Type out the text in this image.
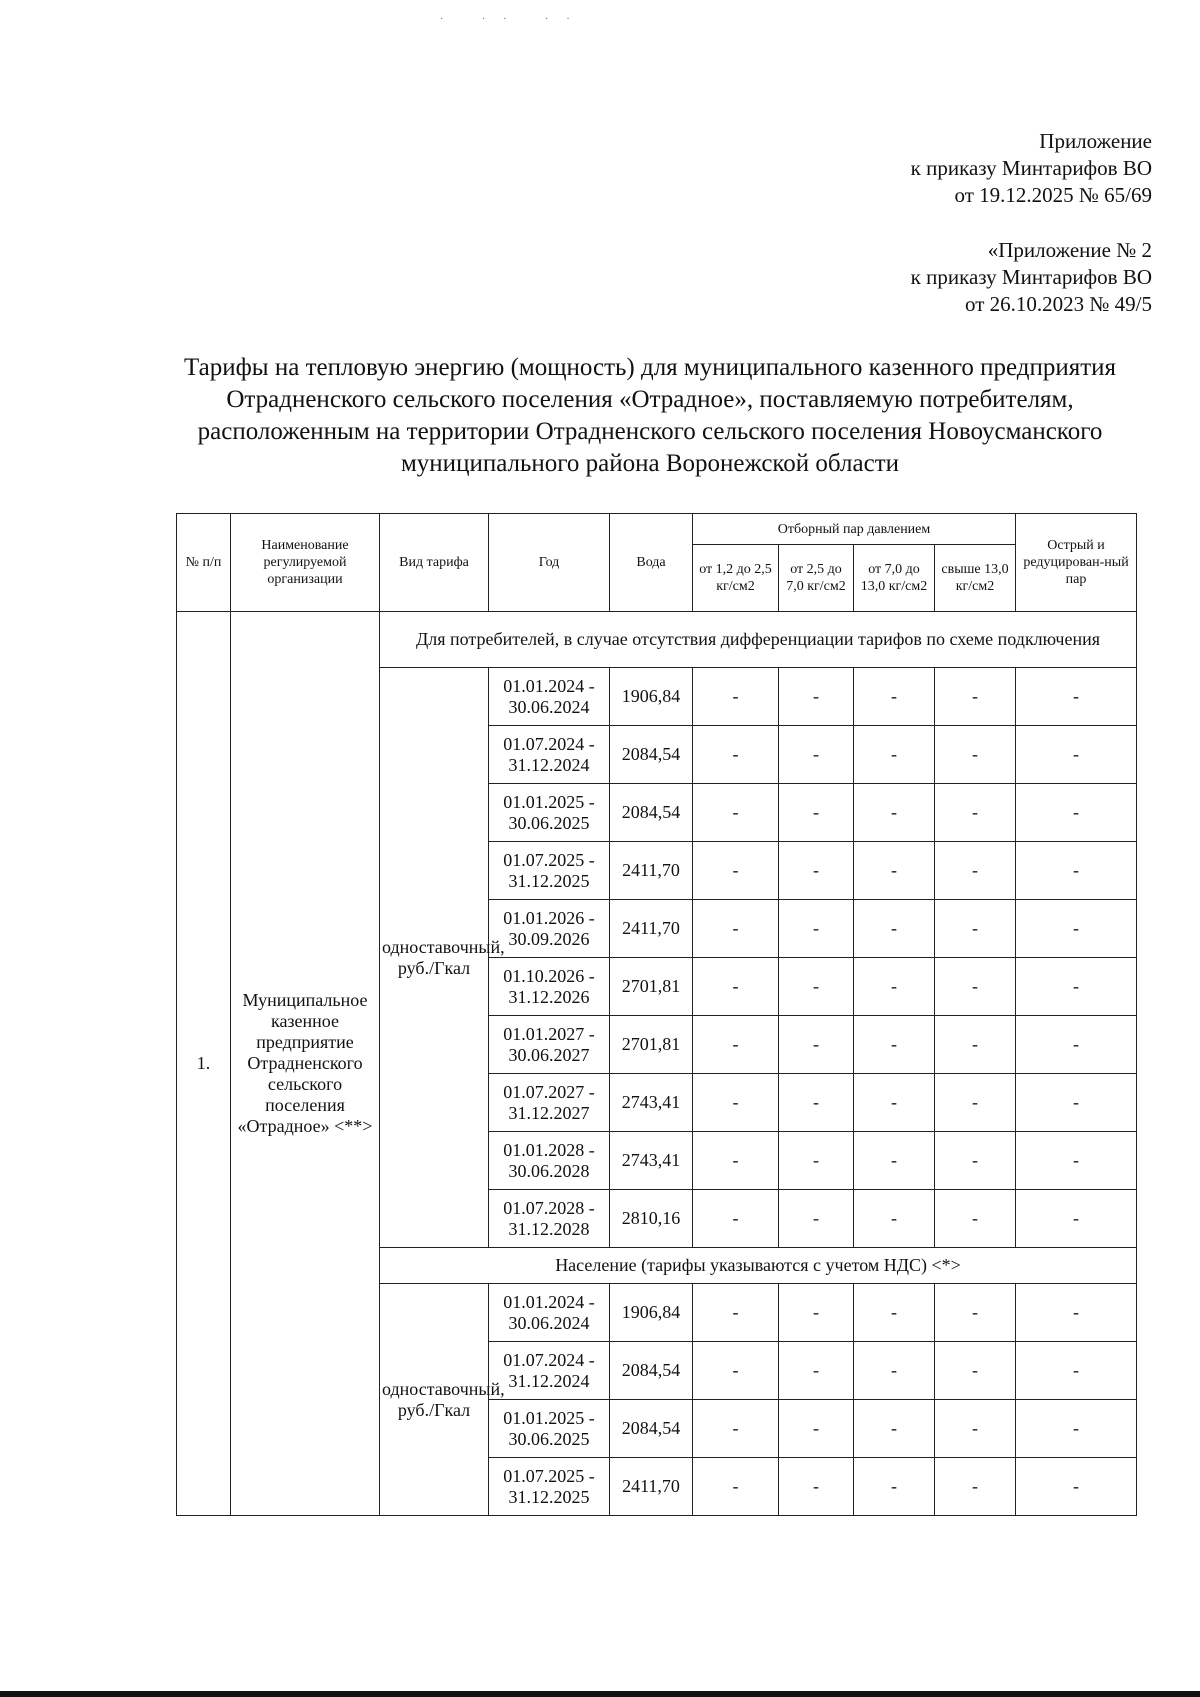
· ·· ··
Приложение
к приказу Минтарифов ВО
от 19.12.2025 № 65/69
«Приложение № 2
к приказу Минтарифов ВО
от 26.10.2023 № 49/5
Тарифы на тепловую энергию (мощность) для муниципального казенного предприятия Отрадненского сельского поселения «Отрадное», поставляемую потребителям, расположенным на территории Отрадненского сельского поселения Новоусманского муниципального района Воронежской области
№ п/п	Наименование регулируемой организации	Вид тарифа	Год	Вода	Отборный пар давлением				Острый и редуцирован-ный пар
					от 1,2 до 2,5 кг/см2	от 2,5 до 7,0 кг/см2	от 7,0 до 13,0 кг/см2	свыше 13,0 кг/см2	
1.	Муниципальное казенное предприятие Отрадненского сельского поселения «Отрадное» <**>	Для потребителей, в случае отсутствия дифференциации тарифов по схеме подключения							
		одноставочный, руб./Гкал	01.01.2024 - 30.06.2024	1906,84	-	-	-	-	-
			01.07.2024 - 31.12.2024	2084,54	-	-	-	-	-
			01.01.2025 - 30.06.2025	2084,54	-	-	-	-	-
			01.07.2025 - 31.12.2025	2411,70	-	-	-	-	-
			01.01.2026 - 30.09.2026	2411,70	-	-	-	-	-
			01.10.2026 - 31.12.2026	2701,81	-	-	-	-	-
			01.01.2027 - 30.06.2027	2701,81	-	-	-	-	-
			01.07.2027 - 31.12.2027	2743,41	-	-	-	-	-
			01.01.2028 - 30.06.2028	2743,41	-	-	-	-	-
			01.07.2028 - 31.12.2028	2810,16	-	-	-	-	-
		Население (тарифы указываются с учетом НДС) <*>							
		одноставочный, руб./Гкал	01.01.2024 - 30.06.2024	1906,84	-	-	-	-	-
			01.07.2024 - 31.12.2024	2084,54	-	-	-	-	-
			01.01.2025 - 30.06.2025	2084,54	-	-	-	-	-
			01.07.2025 - 31.12.2025	2411,70	-	-	-	-	-
